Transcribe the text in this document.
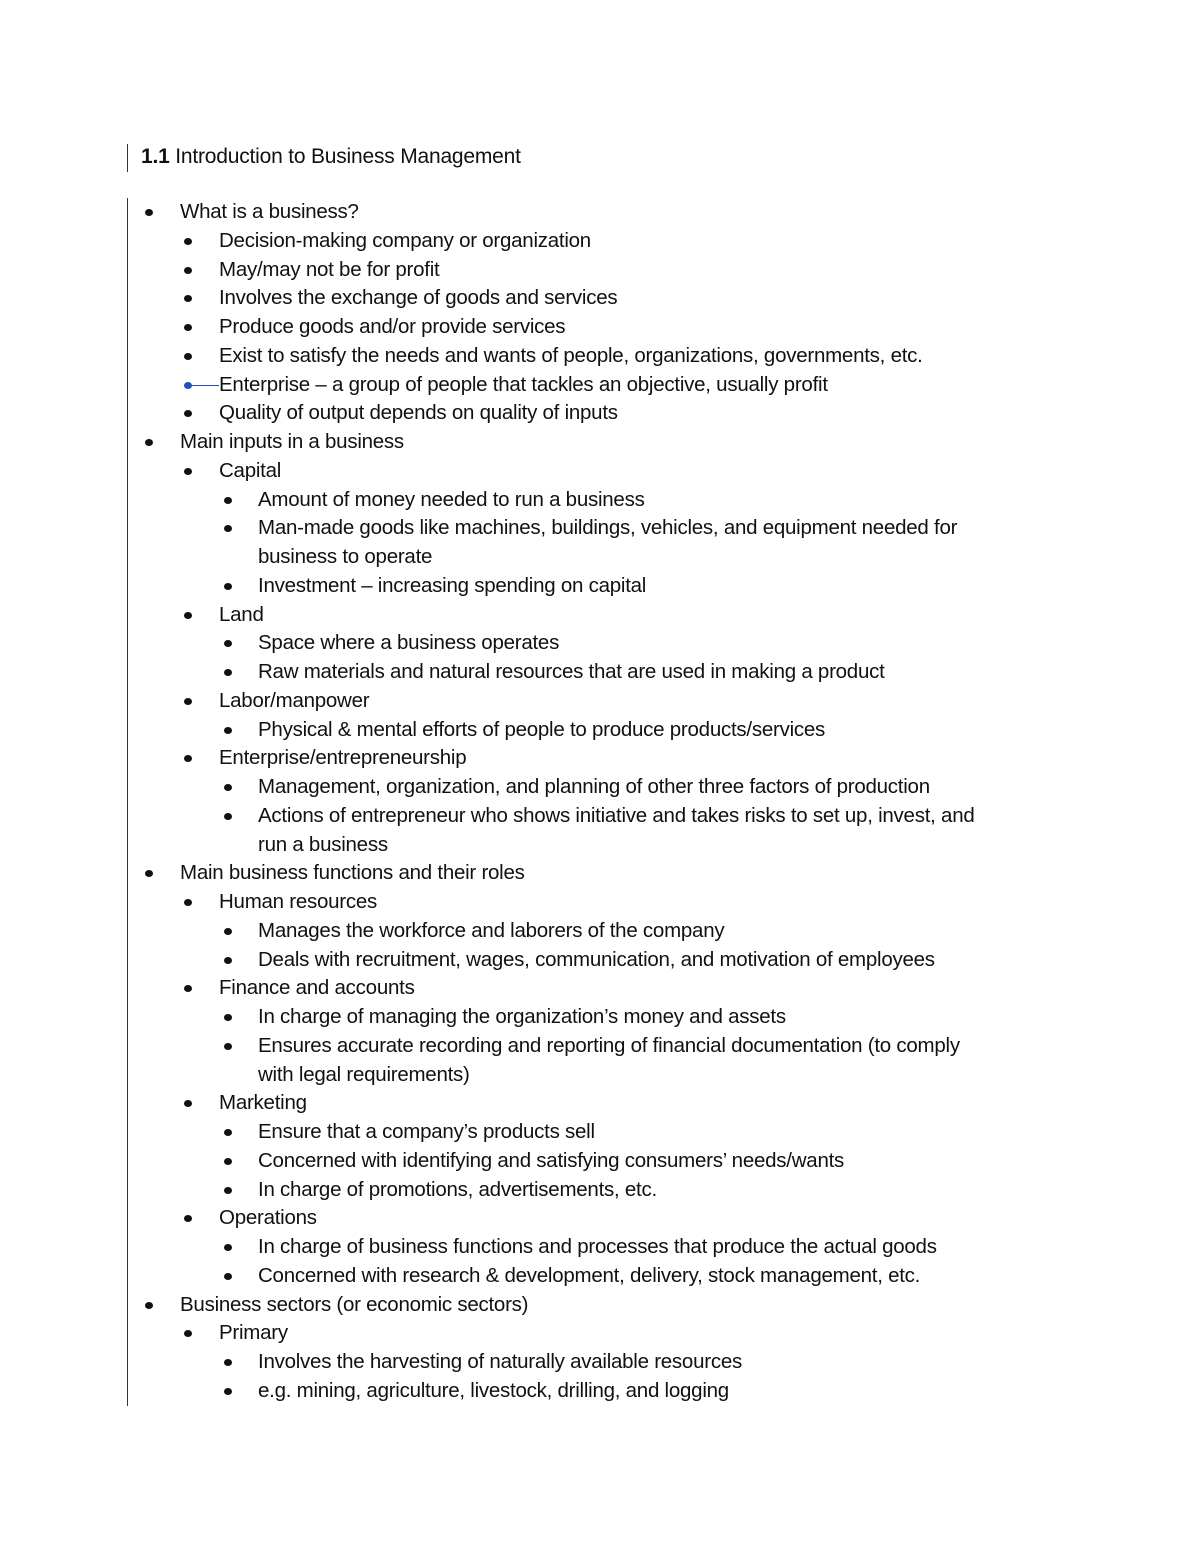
1.1 Introduction to Business Management
What is a business?
Decision-making company or organization
May/may not be for profit
Involves the exchange of goods and services
Produce goods and/or provide services
Exist to satisfy the needs and wants of people, organizations, governments, etc.
Enterprise – a group of people that tackles an objective, usually profit
Quality of output depends on quality of inputs
Main inputs in a business
Capital
Amount of money needed to run a business
Man-made goods like machines, buildings, vehicles, and equipment needed for
business to operate
Investment – increasing spending on capital
Land
Space where a business operates
Raw materials and natural resources that are used in making a product
Labor/manpower
Physical & mental efforts of people to produce products/services
Enterprise/entrepreneurship
Management, organization, and planning of other three factors of production
Actions of entrepreneur who shows initiative and takes risks to set up, invest, and
run a business
Main business functions and their roles
Human resources
Manages the workforce and laborers of the company
Deals with recruitment, wages, communication, and motivation of employees
Finance and accounts
In charge of managing the organization’s money and assets
Ensures accurate recording and reporting of financial documentation (to comply
with legal requirements)
Marketing
Ensure that a company’s products sell
Concerned with identifying and satisfying consumers’ needs/wants
In charge of promotions, advertisements, etc.
Operations
In charge of business functions and processes that produce the actual goods
Concerned with research & development, delivery, stock management, etc.
Business sectors (or economic sectors)
Primary
Involves the harvesting of naturally available resources
e.g. mining, agriculture, livestock, drilling, and logging
